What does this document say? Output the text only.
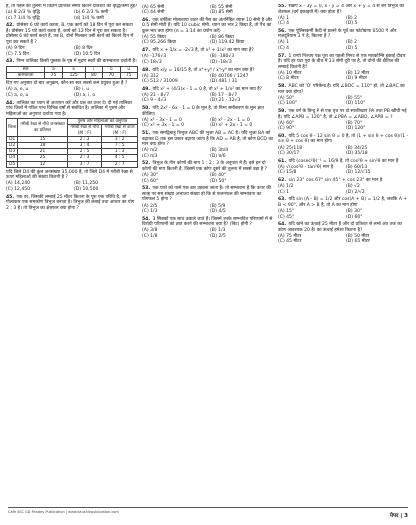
है, तो पहले की तुलना में कितने प्रतिशत समय कितने प्रतिशत की वृद्धि/कमी हुई?
(a) 8 2/3 % वृद्धि	(b) 6 2/3 % कमी
(c) 7 1/4 % वृद्धि	(d) 1/4 % कमी
42. प्रोसेसर 6 घंटे कार्य करता, B, एक कार्य को 18 दिन में पूरा कर सकता है। प्रोसेसर 15 घंटे कार्य करता है, कार्य को 12 दिन में पूरा कर सकता है। प्रोसेसर 6 घंटे कार्य करते हैं, तब B, दोनों मिलकर उसी कार्य को कितने दिन में पूरा कर सकते हैं ?
(A) 9 दिन	(B) 8 दिन
(C) 7.5 दिन	(D) 10.5 दिन
43. निम्न तालिका किसी पुस्तक के पृष्ठ में मुद्रण स्वरों की बारम्बारता दर्शाती है।
स्वर	a	e	i	o	u
बारम्बारता	75	125	80	70	75
दिए गए अनुसार दो बार अनुक्रम, कौन-सा स्वर सबसे कम प्रयुक्त हुआ है ?
(A) a, e, u	(B) i, u
(C) a, o, u	(D) a, i, o
44. तालिका का ध्यान से अध्ययन करें और प्रश्न का उत्तर दें। दी गई तालिका पांच जिलों में गठित पांच विभिन्न वर्षों से संबंधित है। तालिका में पुरुष और महिलाओं का अनुपात दर्शाया गया है।
जिला	गरीबी रेखा से नीचे जनसंख्या का प्रतिशत	पुरुष और महिलाओं का अनुपात	
		गरीबी रेखा से नीचे (M : F)	गरीबी रेखा से ऊपर (M : F)
D1	15	2 : 3	3 : 2
D2	18	3 : 4	7 : 5
D3	21	2 : 5	1 : 3
D4	25	2 : 3	4 : 5
D5	12	3 : 7	2 : 7
यदि जिले D4 की कुल जनसंख्या 35,000 है, तो जिले D4 में गरीबी रेखा से ऊपर महिलाओं की संख्या कितनी है ?
(A) 14,240	(B) 11,250
(C) 12,450	(D) 10,500
45. एक दर, जिसकी लम्बाई 25 मीटर कितना के पूरा एक परिधि है, जो गोलाकार एक समकोण त्रिभुज बनाता है। त्रिभुज की लंबाई तथा आधार का योग 2 : 3 है। तो त्रिभुज का क्षेत्रफल क्या होगा ?
(A) 65 सेमी	(B) 55 सेमी
(C) 44 सेमी	(D) 85 सेमी
46. एक बर्फीला मोलावाया वाटर की गैस का अंतर्निहित व्यास 10 सेमी है और 0.5 सेमी मोटी है। यदि 10 cubic सेमी. ध्यान का भार 2 किग्रा है, तो पैच का कुल भार क्या होगा (π = 3.14 का प्रयोग करें)
(A) 55 किग्रा	(B) 86 किग्रा
(C) 95.266 किग्रा	(D) 119.42 किग्रा
47. यदि x + 1/x = -2√3 है, तो x³ + 1/x³ का मान क्या है?
(A) -176√3	(B) -180√3
(C) 18√3	(D) -18√3
48. यदि x/y = 16/15 है, तो x⁴+y⁴ / x⁴-y⁴ का मान क्या है?
(A) 312	(B) 40706 / 1247
(C) 512 / 31009	(D) 481 / 31
49. यदि x² + (4/3)x - 1 = 0 है, तो x² + 1/x² का मान क्या है?
(A) 21 - 8√7	(B) 17 - 8√7
(C) 9 - 4√3	(D) 21 - 12√3
50. यदि 2x² - 6x - 1 = 0 के मूल है, तो निम्न समीकरण के मूल ज्ञात कीजिए।
(A) x² - 3x - 1 = 0	(B) x² - 2x - 1 = 0
(C) x² + 3x - 1 = 0	(D) x² + 2x - 1 = 0
51. एक समद्विबाहु त्रिभुज ABC की भुजा AB = AC है। यदि भुजा BA को बढ़ाकर D तक इस प्रकार बढ़ाया जाता है कि AD = AB है, तो कोण BCD का मान क्या होगा ?
(A) π/2	(B) 3π/4
(C) π/3	(D) π/6
52. त्रिभुज के तीन कोणों की माप 1 : 2 : 3 के अनुपात में हैं। इसे इन दो कोणों की माप कितनी है, जिसमें एक कोण दूसरे की तुलना में सबसे बड़ा है ?
(A) 30°	(B) 40°
(C) 60°	(D) 50°
53. एक पाशे को पासे एक बार उछाला जाता है। तो सम्भावना है कि ऊपर की सतह पर सम संख्या अभाज्य संख्या हो कि से फलनफल की सम्भावना का योगफल 5 होगा ?
(A) 2/5	(B) 5/9
(C) 1/3	(D) 4/5
54. 3 सिक्कों एक साथ उछाले जाते हैं। जिसमें उनके सम्भावित परिणामों में से विरोधी परिणामों को ज्ञात करने की सम्भावना क्या है? (बिट) होगी ?
(A) 3/8	(B) 1/3
(C) 1/8	(D) 2/5
55. रेखाएं x - 3y = 0, x - y = 4 और x + y = 4 से बने त्रिभुज का शेत्रफल (वर्ग इकाइयों में) क्या होता है?
(A) 1	(B) 2
(C) 4	(D) 5
56. एक पुलिसकर्मी कैदी से छलने के पूर्व का फोटोग्राफ 6500 ₹ और मज़दूरियाम 3 ₹ है, कितना है ?
(A) 1	(B) 2
(C) 4	(D) 5
57. 1 धन्यो निश्चय पक्ष पूरा का पहली मिनट से एक मारकोन्सि इकाई दीवार है। यदि हर घंटा पूरा के बीच में 13 सेमी दूरी पर है, तो दोनों की क्षैतिज की लम्बाई कितनी है?
(A) 10 मीटर	(B) 12 मीटर
(C) 8 मीटर	(D) 9 मीटर
58. ABC को 'O' परिकेन्द्र है। यदि ∠BOC = 110° हो, तो ∠BAC का मान क्या होगा?
(A) 50°	(B) 55°
(C) 100°	(D) 110°
59. एक वर्ग के बिन्दु P से एक वृत्त पर दो स्पर्शरेखाएं PA तथा PB खींची गई है। यदि ∠APB = 120° है, तो ∠PBA = ∠ABO, ∠APB = ?
(A) 60°	(B) 70°
(C) 90°	(D) 120°
60. यदि 5 cos θ - 12 sin θ = 0 है, तो (1 + sin θ + cos θ)/(1 - sin θ + cos θ) का मान होगा
(A) 25/118	(B) 34/25
(C) 30/17	(D) 35/18
61. यदि (cosec²θ)⁻¹ = 16/9 है, तो cos²θ + sin²θ का मान है
(A) √(cos²θ - tan²θ) मान है	(B) 60/13
(C) 15/8	(D) 12/√15
62. sin 23° cos 67° sin 45° + cos 23° का मान है
(A) 1/2	(B) √2
(C) 1	(D) 2/√2
63. यदि sin (A - B) = 1/2 और cos(A + B) = 1/2 है, जबकि A + B < 90°, और A > B है, तो A का मान होगा
(A) 15°	(B) 30°
(C) 45°	(D) 60°
64. यदि खंभे का ऊंचाई 25 मीटर है और दो प्रतिशत से लम्बे अंत तक का कोण आवश्यक 20 है। का ऊंचाई हमेशा कितना है?
(A) 75 मीटर	(B) 50 मीटर
(C) 45 मीटर	(D) 65 मीटर
Cafe SSC GD Pandey Publication | www.kaushikpublication.com
पेपर | 3
